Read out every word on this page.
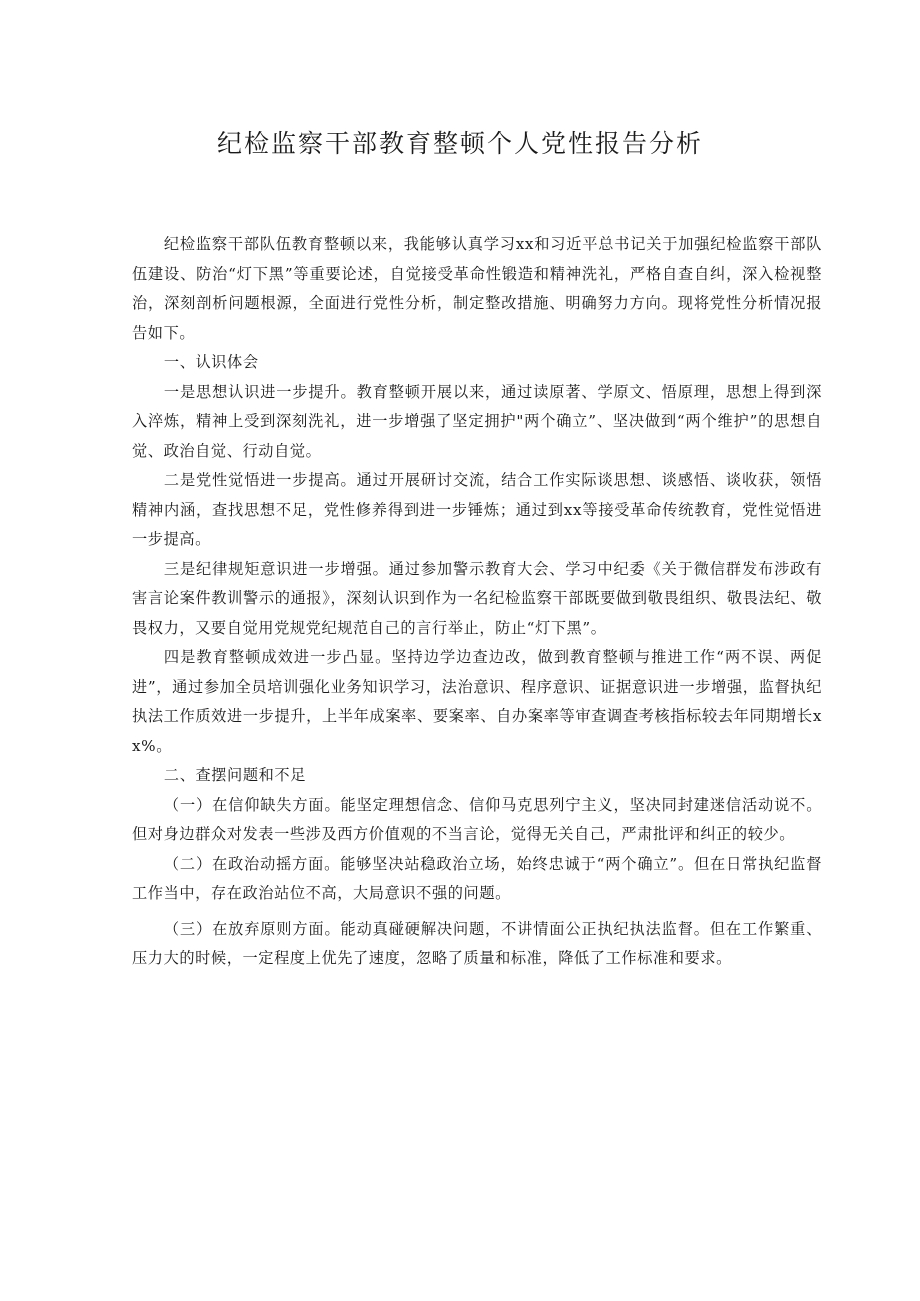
纪检监察干部教育整顿个人党性报告分析

纪检监察干部队伍教育整顿以来，我能够认真学习xx和习近平总书记关于加强纪检监察干部队伍建设、防治“灯下黑”等重要论述，自觉接受革命性锻造和精神洗礼，严格自查自纠，深入检视整治，深刻剖析问题根源，全面进行党性分析，制定整改措施、明确努力方向。现将党性分析情况报告如下。

一、认识体会

一是思想认识进一步提升。教育整顿开展以来，通过读原著、学原文、悟原理，思想上得到深入淬炼，精神上受到深刻洗礼，进一步增强了坚定拥护"两个确立”、坚决做到“两个维护”的思想自觉、政治自觉、行动自觉。

二是党性觉悟进一步提高。通过开展研讨交流，结合工作实际谈思想、谈感悟、谈收获，领悟精神内涵，查找思想不足，党性修养得到进一步锤炼；通过到xx等接受革命传统教育，党性觉悟进一步提高。

三是纪律规矩意识进一步增强。通过参加警示教育大会、学习中纪委《关于微信群发布涉政有害言论案件教训警示的通报》，深刻认识到作为一名纪检监察干部既要做到敬畏组织、敬畏法纪、敬畏权力，又要自觉用党规党纪规范自己的言行举止，防止“灯下黑”。

四是教育整顿成效进一步凸显。坚持边学边查边改，做到教育整顿与推进工作“两不误、两促进”，通过参加全员培训强化业务知识学习，法治意识、程序意识、证据意识进一步增强，监督执纪执法工作质效进一步提升，上半年成案率、要案率、自办案率等审查调查考核指标较去年同期增长xx%。

二、查摆问题和不足

（一）在信仰缺失方面。能坚定理想信念、信仰马克思列宁主义，坚决同封建迷信活动说不。但对身边群众对发表一些涉及西方价值观的不当言论，觉得无关自己，严肃批评和纠正的较少。

（二）在政治动摇方面。能够坚决站稳政治立场，始终忠诚于“两个确立”。但在日常执纪监督工作当中，存在政治站位不高，大局意识不强的问题。

（三）在放弃原则方面。能动真碰硬解决问题，不讲情面公正执纪执法监督。但在工作繁重、压力大的时候，一定程度上优先了速度，忽略了质量和标准，降低了工作标准和要求。
